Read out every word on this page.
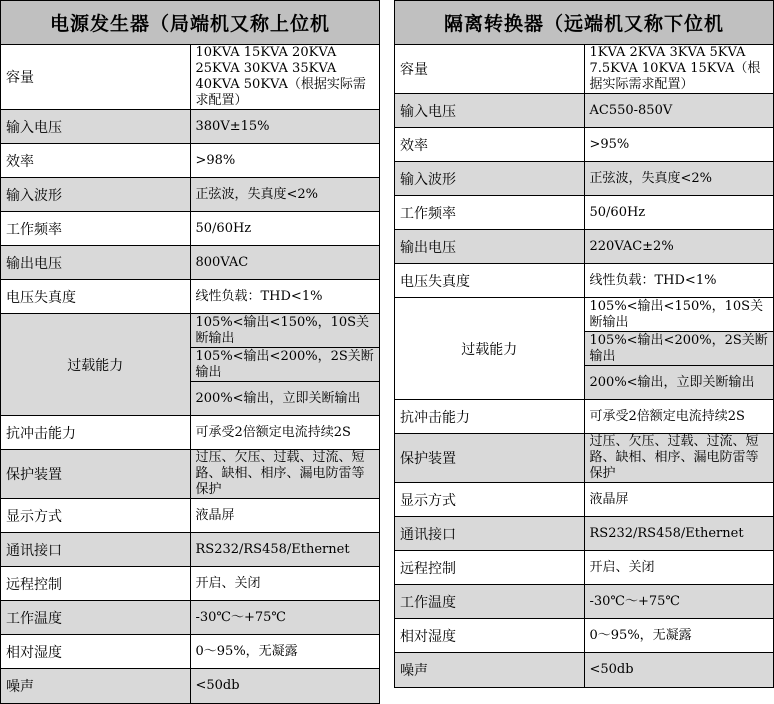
电源发生器（局端机又称上位机	
容量	10KVA 15KVA 20KVA 25KVA 30KVA 35KVA 40KVA 50KVA（根据实际需求配置）
输入电压	380V±15%
效率	>98%
输入波形	正弦波，失真度<2%
工作频率	50/60Hz
输出电压	800VAC
电压失真度	线性负载：THD<1%
过载能力	105%<输出<150%，10S关断输出
	105%<输出<200%，2S关断输出
	200%<输出，立即关断输出
抗冲击能力	可承受2倍额定电流持续2S
保护装置	过压、欠压、过载、过流、短路、缺相、相序、漏电防雷等保护
显示方式	液晶屏
通讯接口	RS232/RS458/Ethernet
远程控制	开启、关闭
工作温度	-30℃～+75℃
相对湿度	0～95%，无凝露
噪声	<50db
隔离转换器（远端机又称下位机	
容量	1KVA 2KVA 3KVA 5KVA 7.5KVA 10KVA 15KVA（根据实际需求配置）
输入电压	AC550-850V
效率	>95%
输入波形	正弦波，失真度<2%
工作频率	50/60Hz
输出电压	220VAC±2%
电压失真度	线性负载：THD<1%
过载能力	105%<输出<150%，10S关断输出
	105%<输出<200%，2S关断输出
	200%<输出，立即关断输出
抗冲击能力	可承受2倍额定电流持续2S
保护装置	过压、欠压、过载、过流、短路、缺相、相序、漏电防雷等保护
显示方式	液晶屏
通讯接口	RS232/RS458/Ethernet
远程控制	开启、关闭
工作温度	-30℃～+75℃
相对湿度	0～95%，无凝露
噪声	<50db
